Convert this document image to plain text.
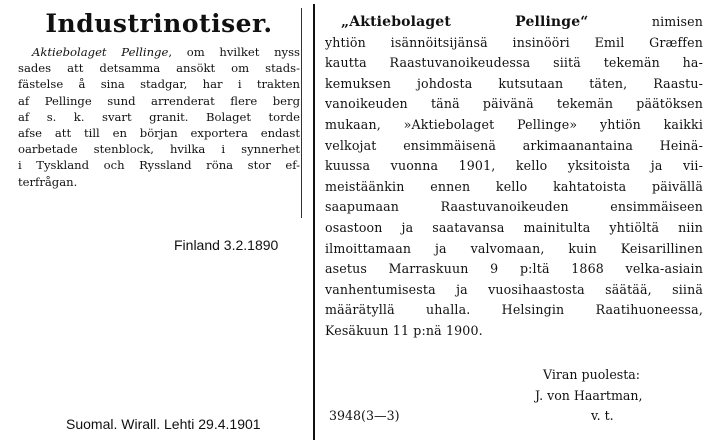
Industrinotiser.
Aktiebolaget Pellinge, om hvilket nyss
sades att detsamma ansökt om stads-
fästelse å sina stadgar, har i trakten
af Pellinge sund arrenderat flere berg
af s. k. svart granit. Bolaget torde
afse att till en början exportera endast
oarbetade stenblock, hvilka i synnerhet
i Tyskland och Ryssland röna stor ef-
terfrågan.
Finland 3.2.1890
Suomal. Wirall. Lehti 29.4.1901
„Aktiebolaget Pellinge“	nimisen
yhtiön isännöitsijänsä insinööri Emil Græffen
kautta Raastuvanoikeudessa siitä tekemän ha-
kemuksen johdosta kutsutaan täten, Raastu-
vanoikeuden tänä päivänä tekemän päätöksen
mukaan, »Aktiebolaget Pellinge» yhtiön kaikki
velkojat ensimmäisenä arkimaanantaina Heinä-
kuussa vuonna 1901, kello yksitoista ja vii-
meistäänkin ennen kello kahtatoista päivällä
saapumaan Raastuvanoikeuden ensimmäiseen
osastoon ja saatavansa mainitulta yhtiöltä niin
ilmoittamaan ja valvomaan, kuin Keisarillinen
asetus Marraskuun 9 p:ltä 1868 velka-asiain
vanhentumisesta ja vuosihaastosta säätää, siinä
määrätyllä uhalla. Helsingin Raatihuoneessa,
Kesäkuun 11 p:nä 1900.
Viran puolesta:
J. von Haartman,
3948(3—3)	v. t.
